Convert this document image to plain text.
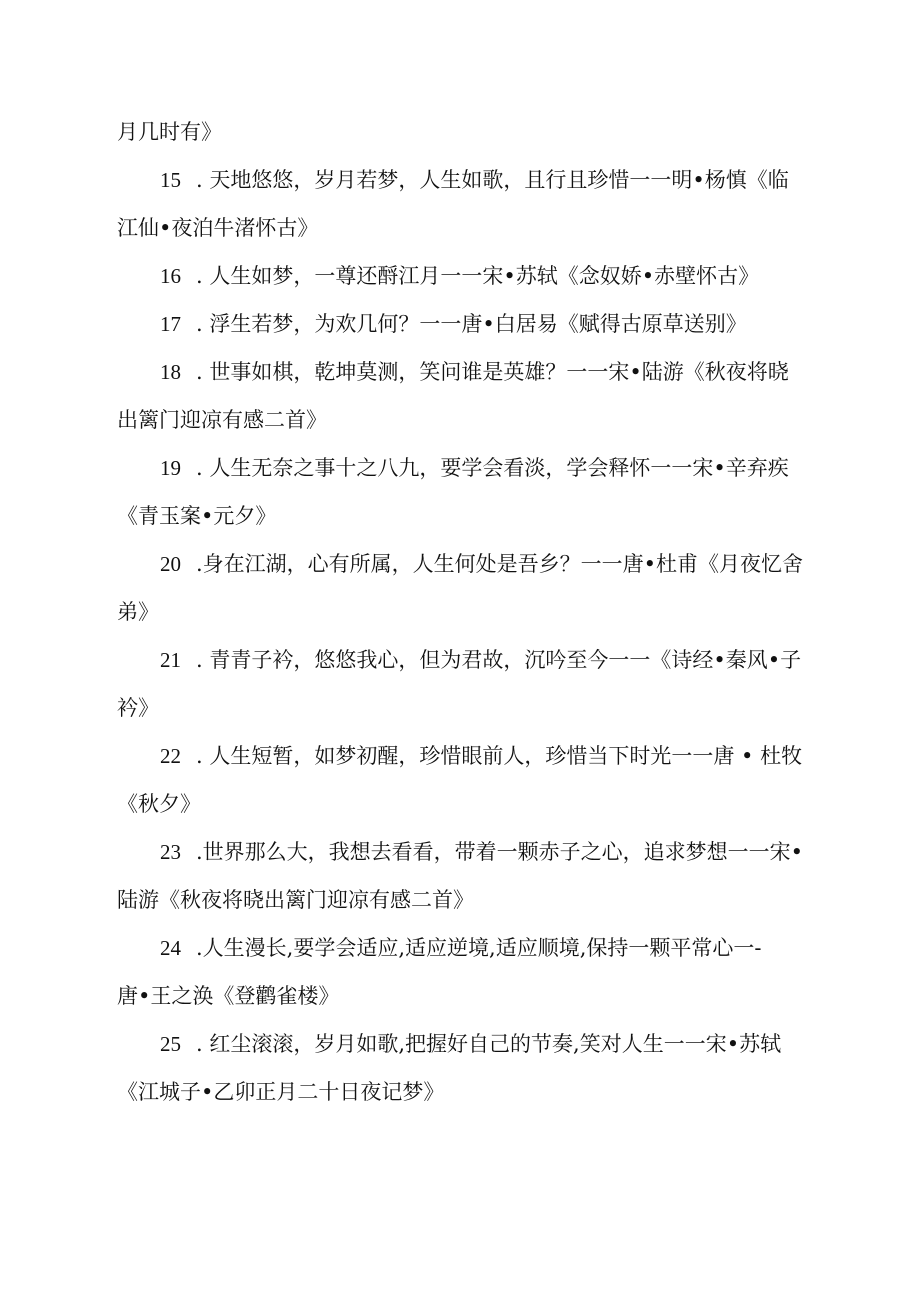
月几时有》

15 . 天地悠悠，岁月若梦，人生如歌，且行且珍惜一一明•杨慎《临

江仙•夜泊牛渚怀古》

16 . 人生如梦，一尊还酹江月一一宋•苏轼《念奴娇•赤壁怀古》

17 . 浮生若梦，为欢几何？一一唐•白居易《赋得古原草送别》

18 . 世事如棋，乾坤莫测，笑问谁是英雄？一一宋•陆游《秋夜将晓

出篱门迎凉有感二首》

19 . 人生无奈之事十之八九，要学会看淡，学会释怀一一宋•辛弃疾

《青玉案•元夕》

20 .身在江湖，心有所属，人生何处是吾乡？一一唐•杜甫《月夜忆舍

弟》

21 . 青青子衿，悠悠我心，但为君故，沉吟至今一一《诗经•秦风•子

衿》

22 . 人生短暂，如梦初醒，珍惜眼前人，珍惜当下时光一一唐 • 杜牧

《秋夕》

23 .世界那么大，我想去看看，带着一颗赤子之心，追求梦想一一宋•

陆游《秋夜将晓出篱门迎凉有感二首》

24 .人生漫长,要学会适应,适应逆境,适应顺境,保持一颗平常心一-

唐•王之涣《登鹳雀楼》

25 . 红尘滚滚，岁月如歌,把握好自己的节奏,笑对人生一一宋•苏轼

《江城子•乙卯正月二十日夜记梦》
